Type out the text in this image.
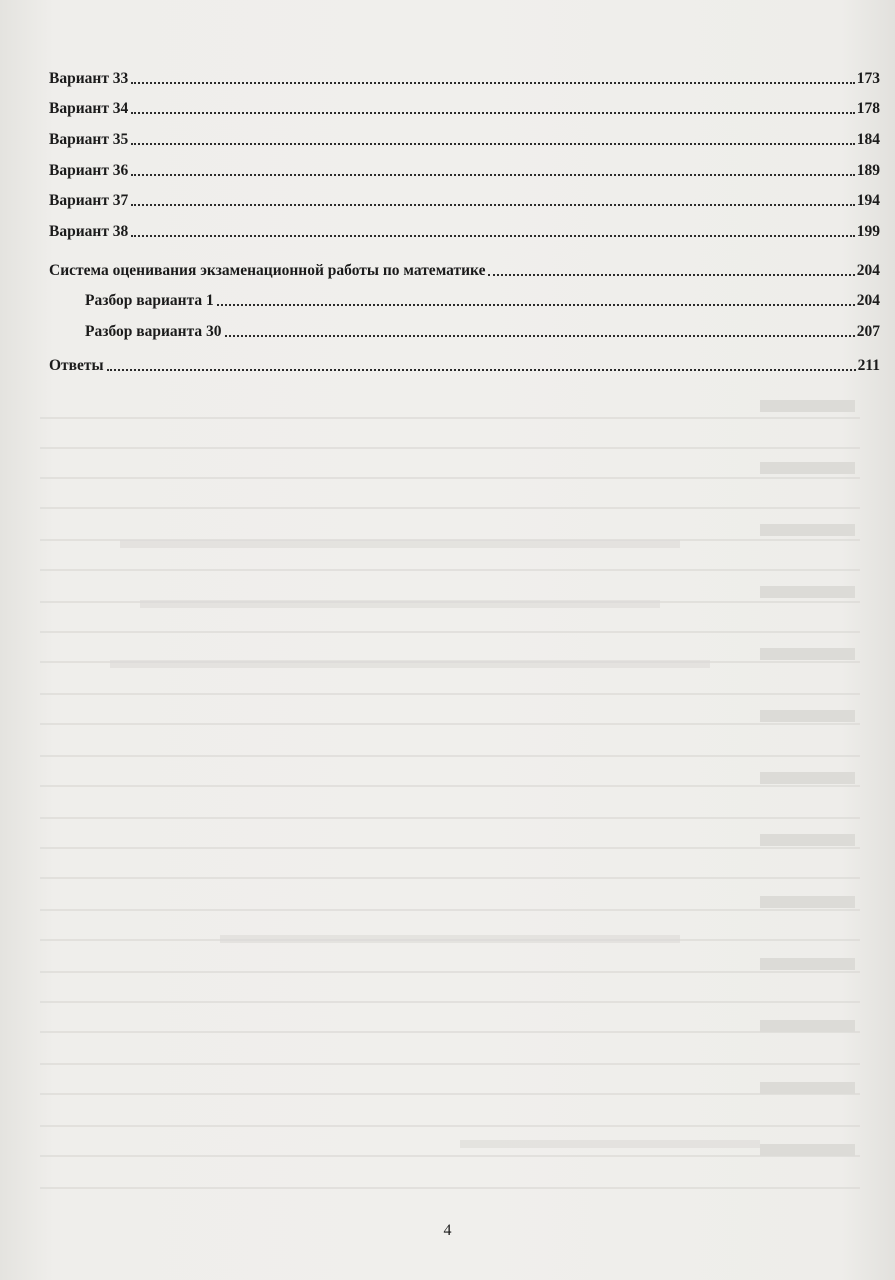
Вариант 33	173
Вариант 34	178
Вариант 35	184
Вариант 36	189
Вариант 37	194
Вариант 38	199
Система оценивания экзаменационной работы по математике	204
Разбор варианта 1	204
Разбор варианта 30	207
Ответы	211
4
